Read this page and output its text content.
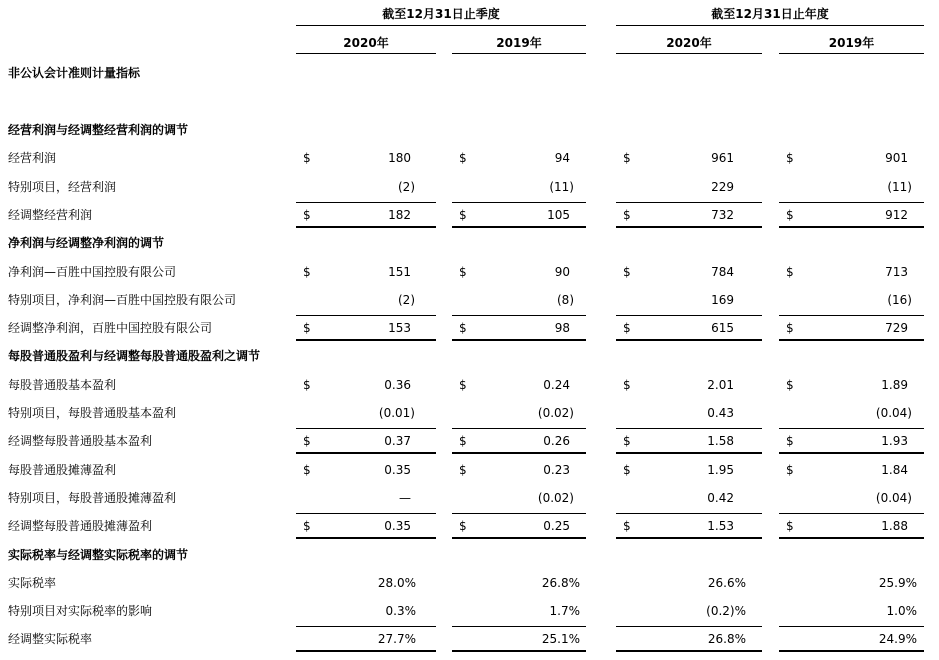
截至12月31日止季度	截至12月31日止年度
2020年	2019年	2020年	2019年
非公认会计准则计量指标
经营利润与经调整经营利润的调节
经营利润	$	180	$	94	$	961	$	901
特别项目，经营利润	(2)	(11)	229	(11)
经调整经营利润	$	182	$	105	$	732	$	912
净利润与经调整净利润的调节
净利润—百胜中国控股有限公司	$	151	$	90	$	784	$	713
特别项目，净利润—百胜中国控股有限公司	(2)	(8)	169	(16)
经调整净利润，百胜中国控股有限公司	$	153	$	98	$	615	$	729
每股普通股盈利与经调整每股普通股盈利之调节
每股普通股基本盈利	$	0.36	$	0.24	$	2.01	$	1.89
特别项目，每股普通股基本盈利	(0.01)	(0.02)	0.43	(0.04)
经调整每股普通股基本盈利	$	0.37	$	0.26	$	1.58	$	1.93
每股普通股摊薄盈利	$	0.35	$	0.23	$	1.95	$	1.84
特别项目，每股普通股摊薄盈利	—	(0.02)	0.42	(0.04)
经调整每股普通股摊薄盈利	$	0.35	$	0.25	$	1.53	$	1.88
实际税率与经调整实际税率的调节
实际税率	28.0%	26.8%	26.6%	25.9%
特别项目对实际税率的影响	0.3%	1.7%	(0.2)%	1.0%
经调整实际税率	27.7%	25.1%	26.8%	24.9%
